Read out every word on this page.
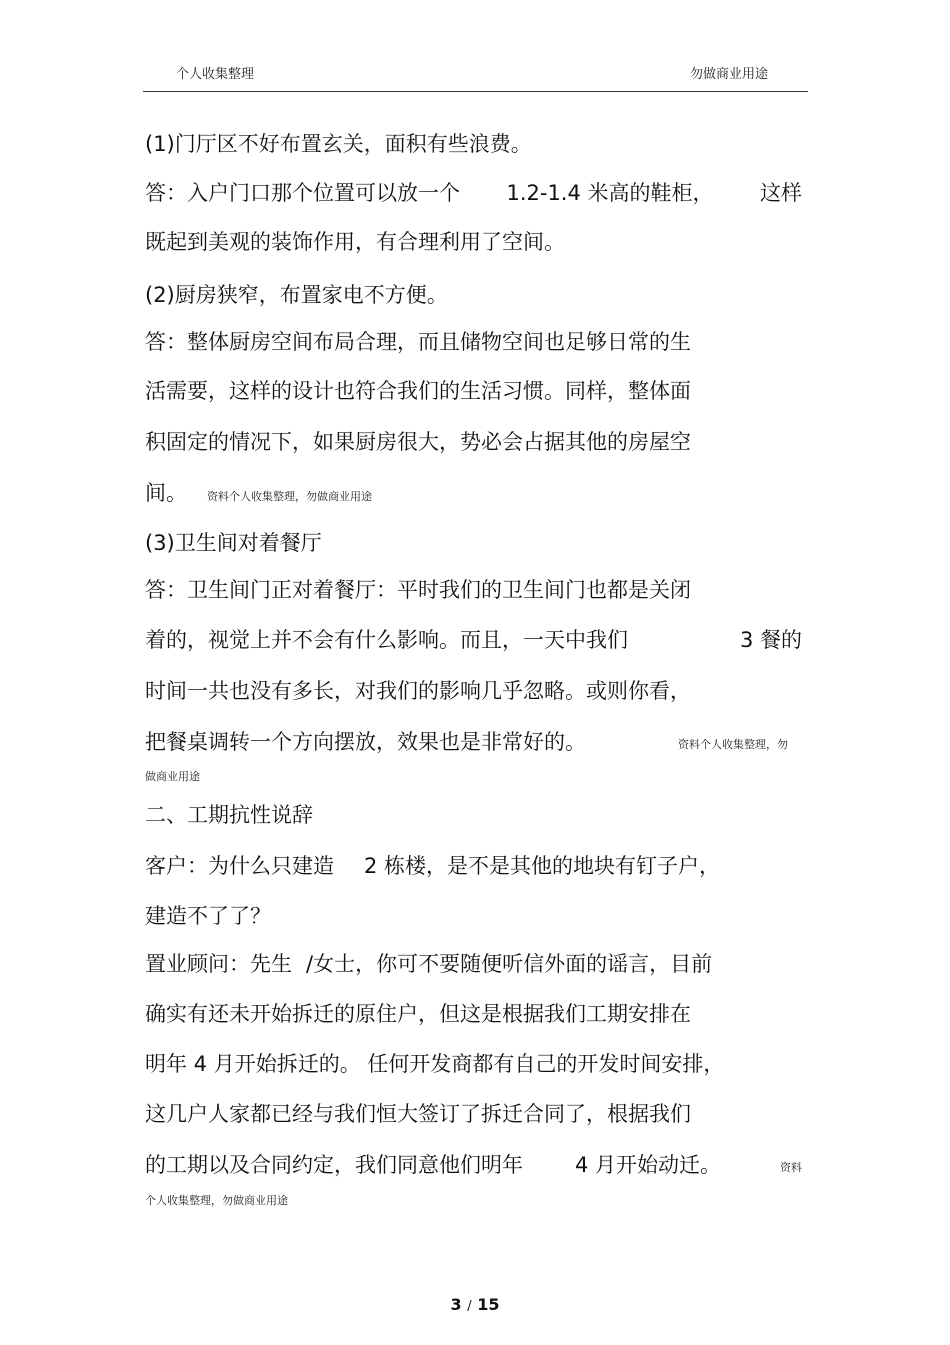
个人收集整理	勿做商业用途
(1)门厅区不好布置玄关，面积有些浪费。
答：入户门口那个位置可以放一个 1.2-1.4 米高的鞋柜， 这样
既起到美观的装饰作用，有合理利用了空间。
(2)厨房狭窄，布置家电不方便。
答：整体厨房空间布局合理，而且储物空间也足够日常的生
活需要，这样的设计也符合我们的生活习惯。同样，整体面
积固定的情况下，如果厨房很大，势必会占据其他的房屋空
间。 资料个人收集整理，勿做商业用途
(3)卫生间对着餐厅
答：卫生间门正对着餐厅：平时我们的卫生间门也都是关闭
着的，视觉上并不会有什么影响。而且，一天中我们	3 餐的
时间一共也没有多长，对我们的影响几乎忽略。或则你看，
把餐桌调转一个方向摆放，效果也是非常好的。	资料个人收集整理，勿
做商业用途
二、工期抗性说辞
客户：为什么只建造 2 栋楼，是不是其他的地块有钉子户，
建造不了了？
置业顾问：先生 /女士，你可不要随便听信外面的谣言，目前
确实有还未开始拆迁的原住户，但这是根据我们工期安排在
明年 4 月开始拆迁的。 任何开发商都有自己的开发时间安排，
这几户人家都已经与我们恒大签订了拆迁合同了，根据我们
的工期以及合同约定，我们同意他们明年 4 月开始动迁。	资料
个人收集整理，勿做商业用途
3 / 15
